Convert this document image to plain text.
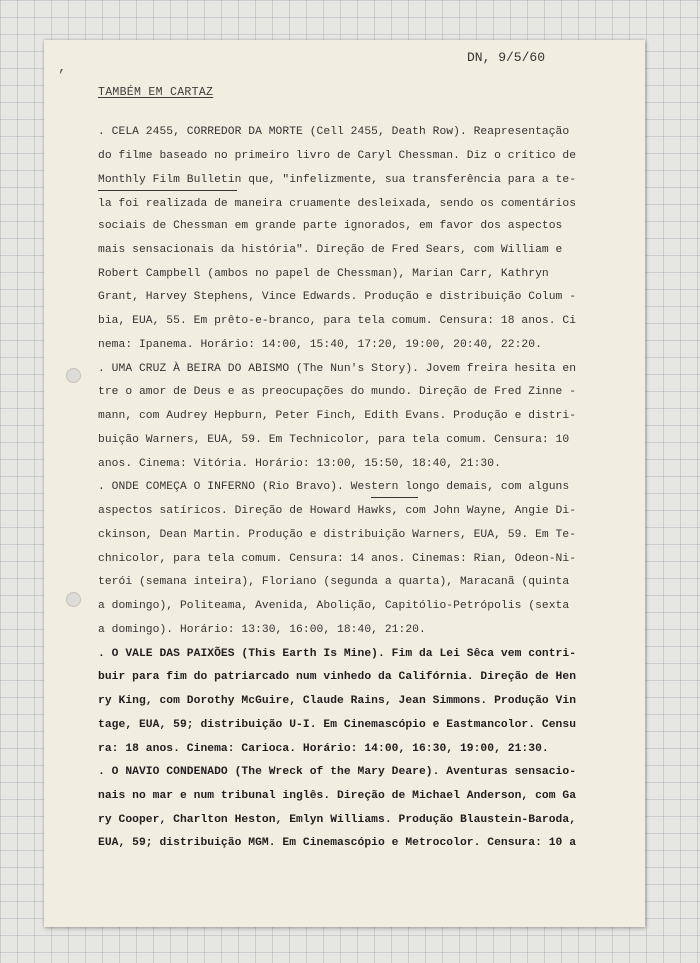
,
DN, 9/5/60
TAMBÉM EM CARTAZ
. CELA 2455, CORREDOR DA MORTE (Cell 2455, Death Row). Reapresentação
do filme baseado no primeiro livro de Caryl Chessman. Diz o crítico de
Monthly Film Bulletin que, "infelizmente, sua transferência para a te-
la foi realizada de maneira cruamente desleixada, sendo os comentários
sociais de Chessman em grande parte ignorados, em favor dos aspectos
mais sensacionais da história". Direção de Fred Sears, com William e
Robert Campbell (ambos no papel de Chessman), Marian Carr, Kathryn
Grant, Harvey Stephens, Vince Edwards. Produção e distribuição Colum -
bia, EUA, 55. Em prêto-e-branco, para tela comum. Censura: 18 anos. Ci
nema: Ipanema. Horário: 14:00, 15:40, 17:20, 19:00, 20:40, 22:20.
. UMA CRUZ À BEIRA DO ABISMO (The Nun's Story). Jovem freira hesita en
tre o amor de Deus e as preocupações do mundo. Direção de Fred Zinne -
mann, com Audrey Hepburn, Peter Finch, Edith Evans. Produção e distri-
buição Warners, EUA, 59. Em Technicolor, para tela comum. Censura: 10
anos. Cinema: Vitória. Horário: 13:00, 15:50, 18:40, 21:30.
. ONDE COMEÇA O INFERNO (Rio Bravo). Western longo demais, com alguns
aspectos satíricos. Direção de Howard Hawks, com John Wayne, Angie Di-
ckinson, Dean Martin. Produção e distribuição Warners, EUA, 59. Em Te-
chnicolor, para tela comum. Censura: 14 anos. Cinemas: Rian, Odeon-Ni-
terói (semana inteira), Floriano (segunda a quarta), Maracanã (quinta
a domingo), Politeama, Avenida, Abolição, Capitólio-Petrópolis (sexta
a domingo). Horário: 13:30, 16:00, 18:40, 21:20.
. O VALE DAS PAIXÕES (This Earth Is Mine). Fim da Lei Sêca vem contri-
buir para fim do patriarcado num vinhedo da Califórnia. Direção de Hen
ry King, com Dorothy McGuire, Claude Rains, Jean Simmons. Produção Vin
tage, EUA, 59; distribuição U-I. Em Cinemascópio e Eastmancolor. Censu
ra: 18 anos. Cinema: Carioca. Horário: 14:00, 16:30, 19:00, 21:30.
. O NAVIO CONDENADO (The Wreck of the Mary Deare). Aventuras sensacio-
nais no mar e num tribunal inglês. Direção de Michael Anderson, com Ga
ry Cooper, Charlton Heston, Emlyn Williams. Produção Blaustein-Baroda,
EUA, 59; distribuição MGM. Em Cinemascópio e Metrocolor. Censura: 10 a
